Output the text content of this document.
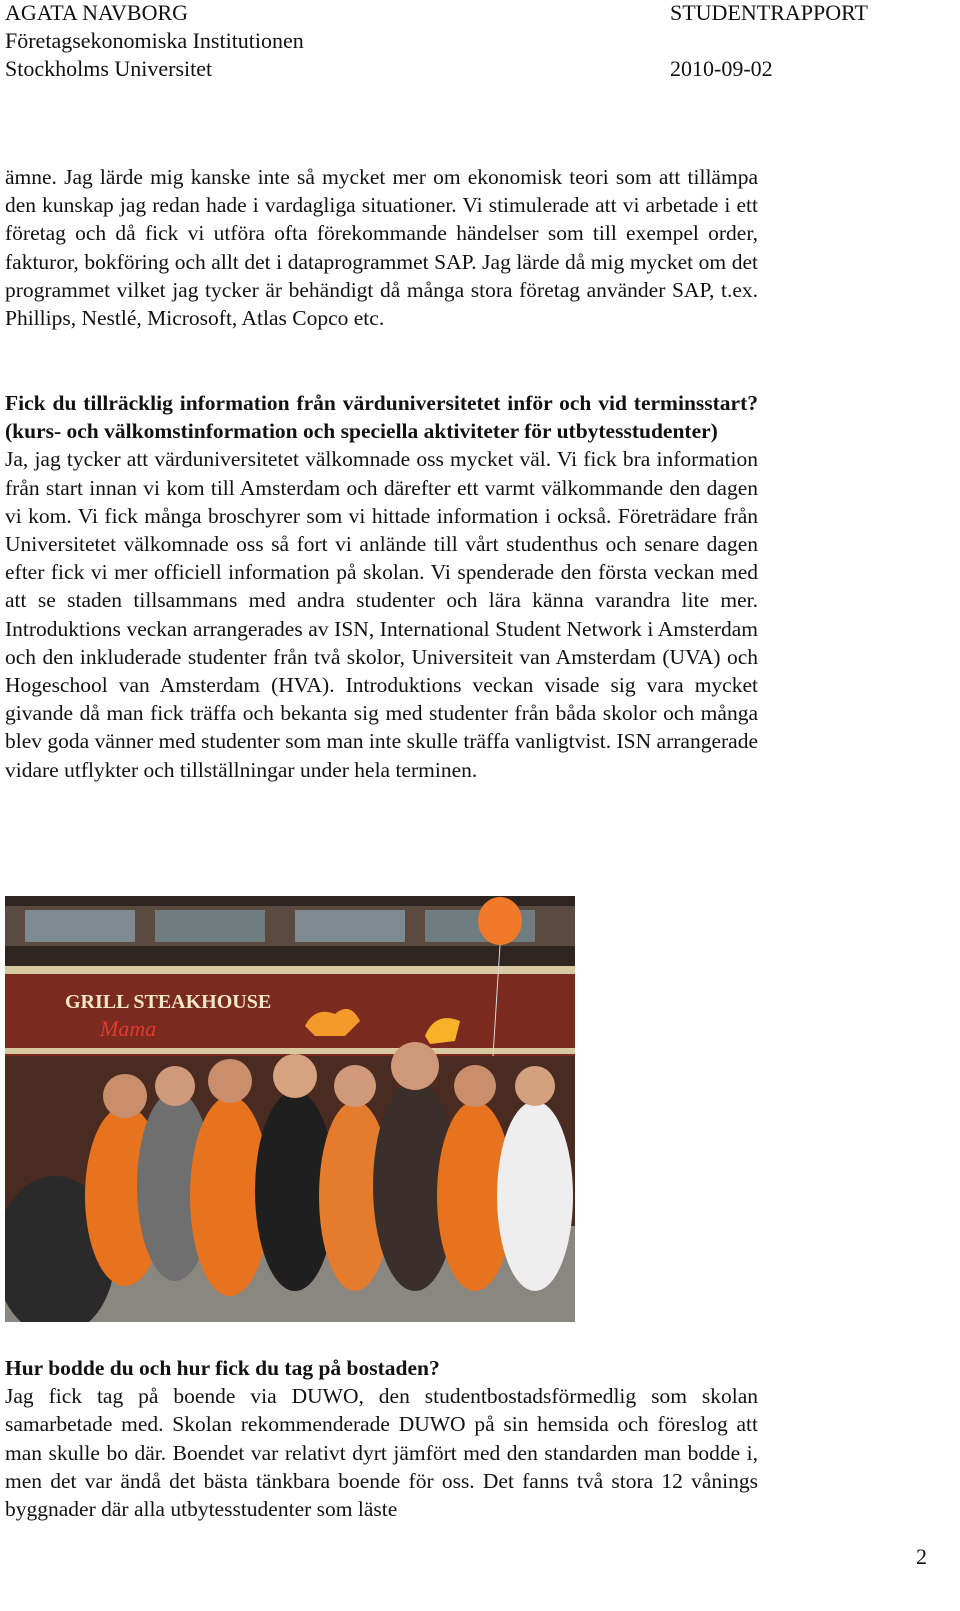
AGATA NAVBORG
Företagsekonomiska Institutionen
Stockholms Universitet
STUDENTRAPPORT
2010-09-02

ämne. Jag lärde mig kanske inte så mycket mer om ekonomisk teori som att tillämpa den kunskap jag redan hade i vardagliga situationer. Vi stimulerade att vi arbetade i ett företag och då fick vi utföra ofta förekommande händelser som till exempel order, fakturor, bokföring och allt det i dataprogrammet SAP. Jag lärde då mig mycket om det programmet vilket jag tycker är behändigt då många stora företag använder SAP, t.ex. Phillips, Nestlé, Microsoft, Atlas Copco etc.

Fick du tillräcklig information från värduniversitetet inför och vid terminsstart? (kurs- och välkomstinformation och speciella aktiviteter för utbytesstudenter)

Ja, jag tycker att värduniversitetet välkomnade oss mycket väl. Vi fick bra information från start innan vi kom till Amsterdam och därefter ett varmt välkommande den dagen vi kom. Vi fick många broschyrer som vi hittade information i också. Företrädare från Universitetet välkomnade oss så fort vi anlände till vårt studenthus och senare dagen efter fick vi mer officiell information på skolan. Vi spenderade den första veckan med att se staden tillsammans med andra studenter och lära känna varandra lite mer. Introduktions veckan arrangerades av ISN, International Student Network i Amsterdam och den inkluderade studenter från två skolor, Universiteit van Amsterdam (UVA) och Hogeschool van Amsterdam (HVA). Introduktions veckan visade sig vara mycket givande då man fick träffa och bekanta sig med studenter från båda skolor och många blev goda vänner med studenter som man inte skulle träffa vanligtvist. ISN arrangerade vidare utflykter och tillställningar under hela terminen.

GRILL STEAKHOUSE
Mama

Hur bodde du och hur fick du tag på bostaden?

Jag fick tag på boende via DUWO, den studentbostadsförmedlig som skolan samarbetade med. Skolan rekommenderade DUWO på sin hemsida och föreslog att man skulle bo där. Boendet var relativt dyrt jämfört med den standarden man bodde i, men det var ändå det bästa tänkbara boende för oss. Det fanns två stora 12 vånings byggnader där alla utbytesstudenter som läste

2
